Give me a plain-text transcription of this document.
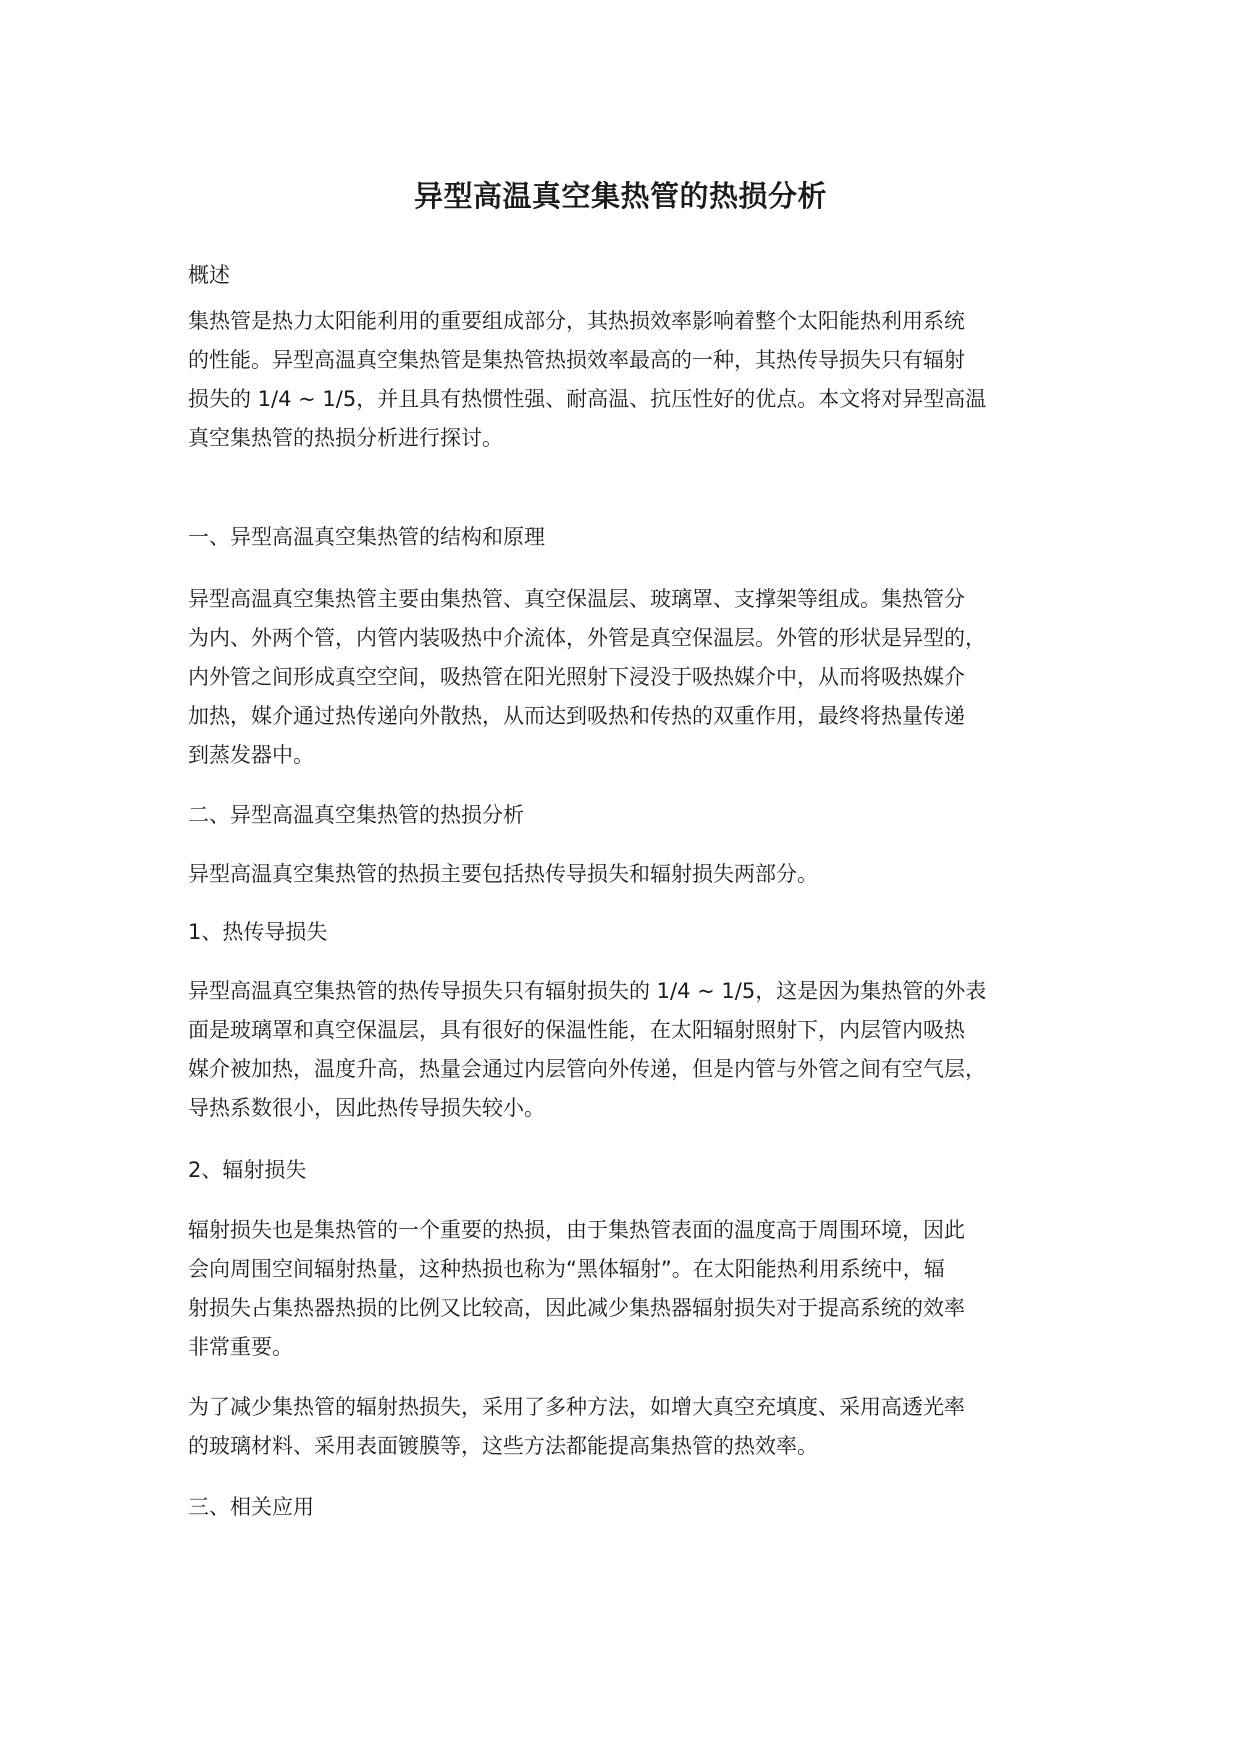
异型高温真空集热管的热损分析

概述

集热管是热力太阳能利用的重要组成部分，其热损效率影响着整个太阳能热利用系统
的性能。异型高温真空集热管是集热管热损效率最高的一种，其热传导损失只有辐射
损失的 1/4 ~ 1/5，并且具有热惯性强、耐高温、抗压性好的优点。本文将对异型高温
真空集热管的热损分析进行探讨。

一、异型高温真空集热管的结构和原理

异型高温真空集热管主要由集热管、真空保温层、玻璃罩、支撑架等组成。集热管分
为内、外两个管，内管内装吸热中介流体，外管是真空保温层。外管的形状是异型的，
内外管之间形成真空空间，吸热管在阳光照射下浸没于吸热媒介中，从而将吸热媒介
加热，媒介通过热传递向外散热，从而达到吸热和传热的双重作用，最终将热量传递
到蒸发器中。

二、异型高温真空集热管的热损分析

异型高温真空集热管的热损主要包括热传导损失和辐射损失两部分。

1、热传导损失

异型高温真空集热管的热传导损失只有辐射损失的 1/4 ~ 1/5，这是因为集热管的外表
面是玻璃罩和真空保温层，具有很好的保温性能，在太阳辐射照射下，内层管内吸热
媒介被加热，温度升高，热量会通过内层管向外传递，但是内管与外管之间有空气层，
导热系数很小，因此热传导损失较小。

2、辐射损失

辐射损失也是集热管的一个重要的热损，由于集热管表面的温度高于周围环境，因此
会向周围空间辐射热量，这种热损也称为“黑体辐射”。在太阳能热利用系统中，辐
射损失占集热器热损的比例又比较高，因此减少集热器辐射损失对于提高系统的效率
非常重要。

为了减少集热管的辐射热损失，采用了多种方法，如增大真空充填度、采用高透光率
的玻璃材料、采用表面镀膜等，这些方法都能提高集热管的热效率。

三、相关应用
